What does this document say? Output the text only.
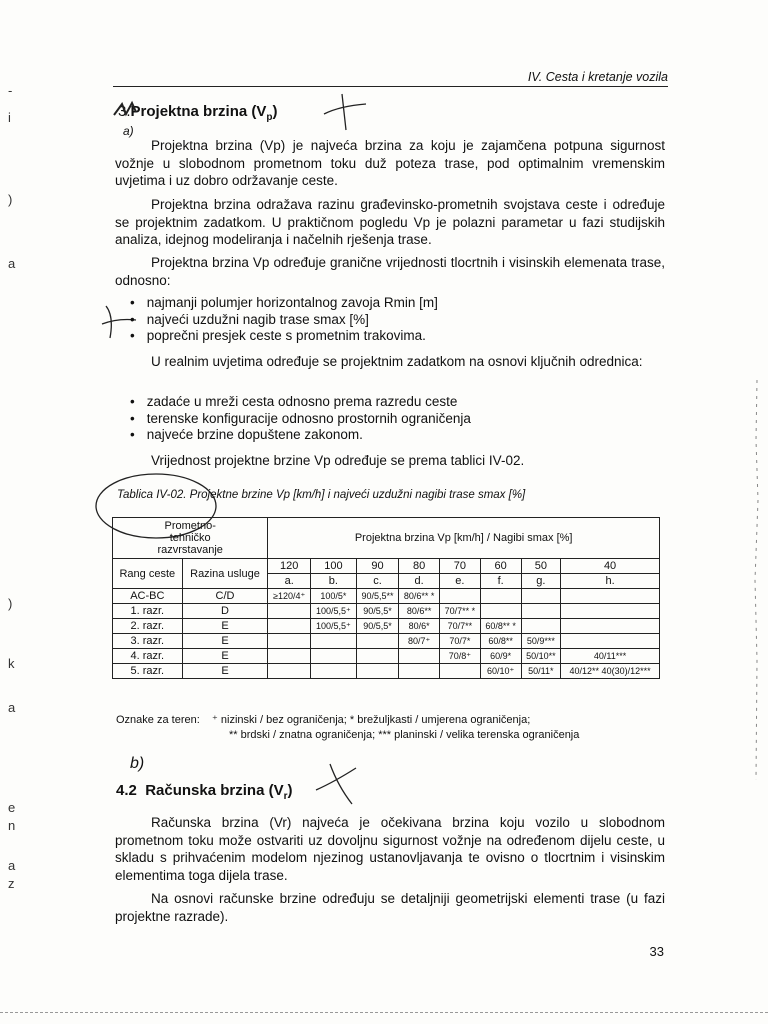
-
i
)
a
)
k
a
e
n
a
z
IV. Cesta i kretanje vozila
3.Projektna brzina $(V_p)$
a)
Projektna brzina (Vp) je najveća brzina za koju je zajamčena potpuna sigurnost vožnje u slobodnom prometnom toku duž poteza trase, pod optimalnim vremenskim uvjetima i uz dobro održavanje ceste.
Projektna brzina odražava razinu građevinsko-prometnih svojstava ceste i određuje se projektnim zadatkom. U praktičnom pogledu Vp je polazni parametar u fazi studijskih analiza, idejnog modeliranja i načelnih rješenja trase.
Projektna brzina Vp određuje granične vrijednosti tlocrtnih i visinskih elemenata trase, odnosno:
• najmanji polumjer horizontalnog zavoja Rmin [m]
• najveći uzdužni nagib trase smax [%]
• poprečni presjek ceste s prometnim trakovima.
U realnim uvjetima određuje se projektnim zadatkom na osnovi ključnih odrednica:
• zadaće u mreži cesta odnosno prema razredu ceste
• terenske konfiguracije odnosno prostornih ograničenja
• najveće brzine dopuštene zakonom.
Vrijednost projektne brzine Vp određuje se prema tablici IV-02.
Tablica IV-02. Projektne brzine Vp [km/h] i najveći uzdužni nagibi trase smax [%]
Prometno-
tehničko
razvrstavanje		Projektna brzina Vp [km/h] / Nagibi smax [%]							

Rang ceste	Razina usluge	120	100	90	80	70	60	50	40
		a.	b.	c.	d.	e.	f.	g.	h.
AC-BC	C/D	≥120/4⁺	100/5*	90/5,5**	80/6** *				
1. razr.	D		100/5,5⁺	90/5,5*	80/6**	70/7** *			
2. razr.	E		100/5,5⁺	90/5,5*	80/6*	70/7**	60/8** *		
3. razr.	E				80/7⁺	70/7*	60/8**	50/9***	
4. razr.	E					70/8⁺	60/9*	50/10**	40/11***
5. razr.	E						60/10⁺	50/11*	40/12** 40(30)/12***
Oznake za teren: ⁺ nizinski / bez ograničenja; * brežuljkasti / umjerena ograničenja;
** brdski / znatna ograničenja; *** planinski / velika terenska ograničenja
b)
4.2 Računska brzina $(V_r)$
Računska brzina (Vr) najveća je očekivana brzina koju vozilo u slobodnom prometnom toku može ostvariti uz dovoljnu sigurnost vožnje na određenom dijelu ceste, u skladu s prihvaćenim modelom njezinog ustanovljavanja te ovisno o tlocrtnim i visinskim elementima toga dijela trase.
Na osnovi računske brzine određuju se detaljniji geometrijski elementi trase (u fazi projektne razrade).
33
